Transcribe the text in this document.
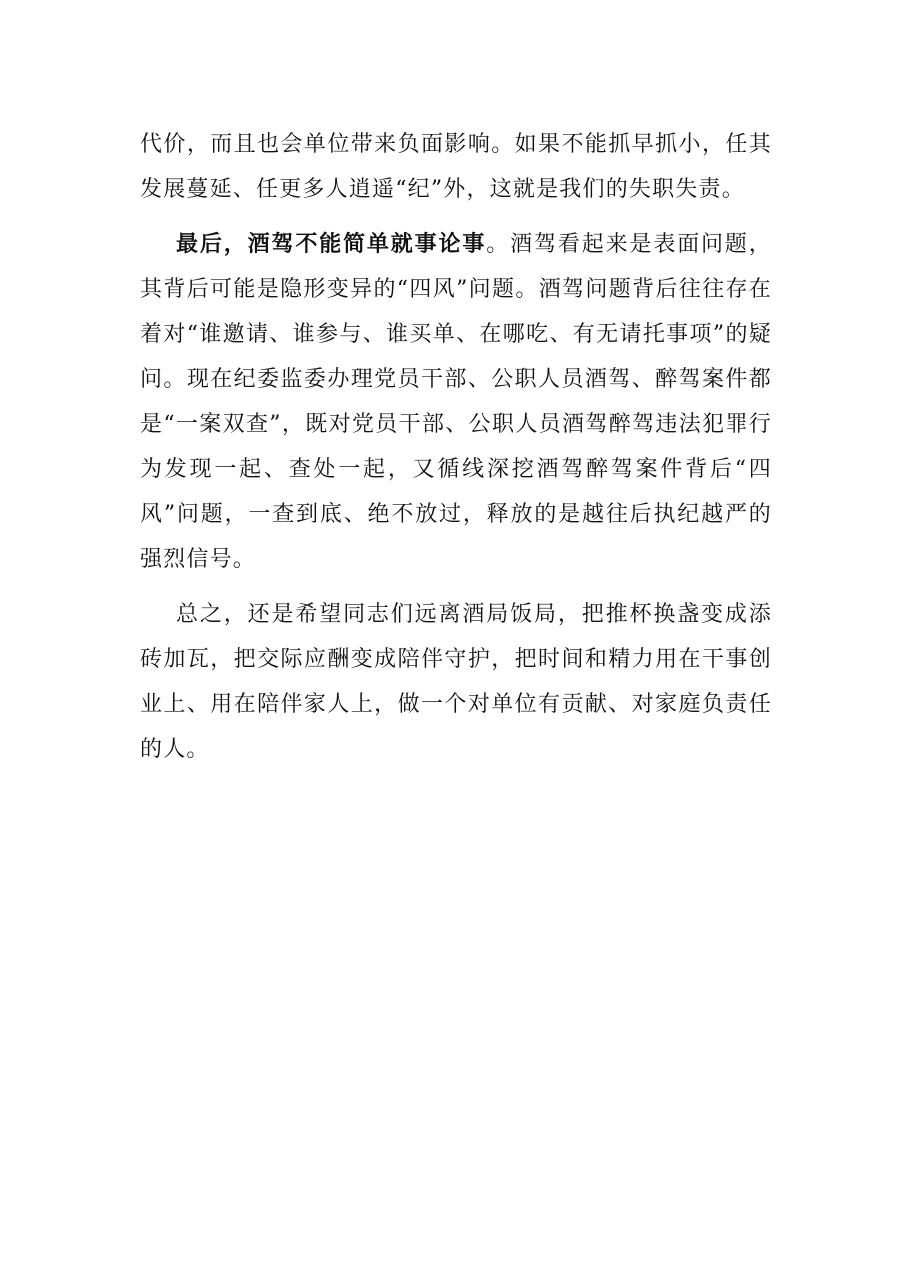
代价，而且也会单位带来负面影响。如果不能抓早抓小，任其发展蔓延、任更多人逍遥“纪”外，这就是我们的失职失责。

最后，酒驾不能简单就事论事。酒驾看起来是表面问题，其背后可能是隐形变异的“四风”问题。酒驾问题背后往往存在着对“谁邀请、谁参与、谁买单、在哪吃、有无请托事项”的疑问。现在纪委监委办理党员干部、公职人员酒驾、醉驾案件都是“一案双查”，既对党员干部、公职人员酒驾醉驾违法犯罪行为发现一起、查处一起，又循线深挖酒驾醉驾案件背后“四风”问题，一查到底、绝不放过，释放的是越往后执纪越严的强烈信号。

总之，还是希望同志们远离酒局饭局，把推杯换盏变成添砖加瓦，把交际应酬变成陪伴守护，把时间和精力用在干事创业上、用在陪伴家人上，做一个对单位有贡献、对家庭负责任的人。
